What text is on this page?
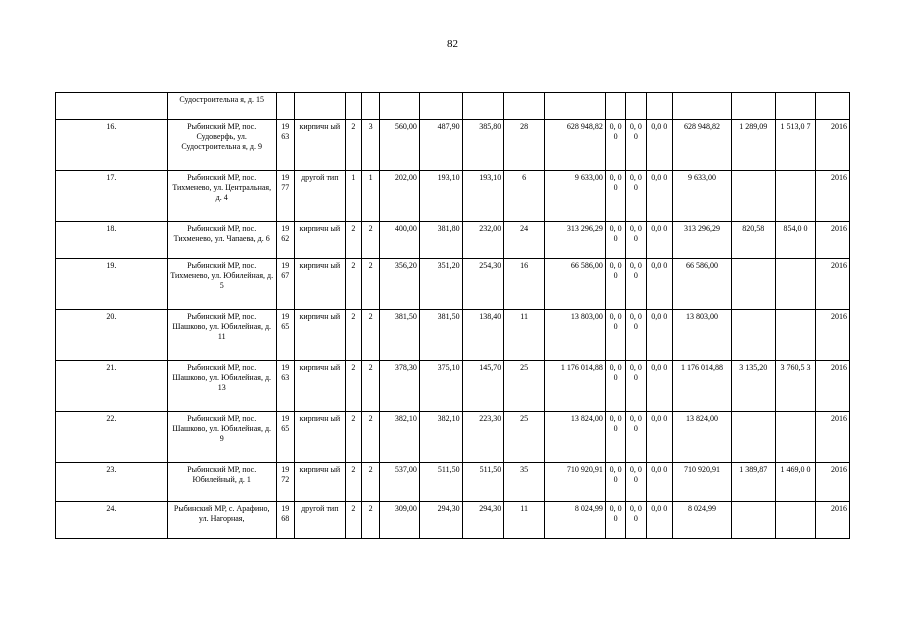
82
	Судостроительна я, д. 15																
16.	Рыбинский МР, пос. Судоверфь, ул. Судостроительна я, д. 9	19 63	кирпичн ый	2	3	560,00	487,90	385,80	28	628 948,82	0, 0 0	0, 0 0	0,0 0	628 948,82	1 289,09	1 513,0 7	2016
17.	Рыбинский МР, пос. Тихменево, ул. Центральная, д. 4	19 77	другой тип	1	1	202,00	193,10	193,10	6	9 633,00	0, 0 0	0, 0 0	0,0 0	9 633,00			2016
18.	Рыбинский МР, пос. Тихменево, ул. Чапаева, д. 6	19 62	кирпичн ый	2	2	400,00	381,80	232,00	24	313 296,29	0, 0 0	0, 0 0	0,0 0	313 296,29	820,58	854,0 0	2016
19.	Рыбинский МР, пос. Тихменево, ул. Юбилейная, д. 5	19 67	кирпичн ый	2	2	356,20	351,20	254,30	16	66 586,00	0, 0 0	0, 0 0	0,0 0	66 586,00			2016
20.	Рыбинский МР, пос. Шашково, ул. Юбилейная, д. 11	19 65	кирпичн ый	2	2	381,50	381,50	138,40	11	13 803,00	0, 0 0	0, 0 0	0,0 0	13 803,00			2016
21.	Рыбинский МР, пос. Шашково, ул. Юбилейная, д. 13	19 63	кирпичн ый	2	2	378,30	375,10	145,70	25	1 176 014,88	0, 0 0	0, 0 0	0,0 0	1 176 014,88	3 135,20	3 760,5 3	2016
22.	Рыбинский МР, пос. Шашково, ул. Юбилейная, д. 9	19 65	кирпичн ый	2	2	382,10	382,10	223,30	25	13 824,00	0, 0 0	0, 0 0	0,0 0	13 824,00			2016
23.	Рыбинский МР, пос. Юбилейный, д. 1	19 72	кирпичн ый	2	2	537,00	511,50	511,50	35	710 920,91	0, 0 0	0, 0 0	0,0 0	710 920,91	1 389,87	1 469,0 0	2016
24.	Рыбинский МР, с. Арафино, ул. Нагорная,	19 68	другой тип	2	2	309,00	294,30	294,30	11	8 024,99	0, 0 0	0, 0 0	0,0 0	8 024,99			2016
